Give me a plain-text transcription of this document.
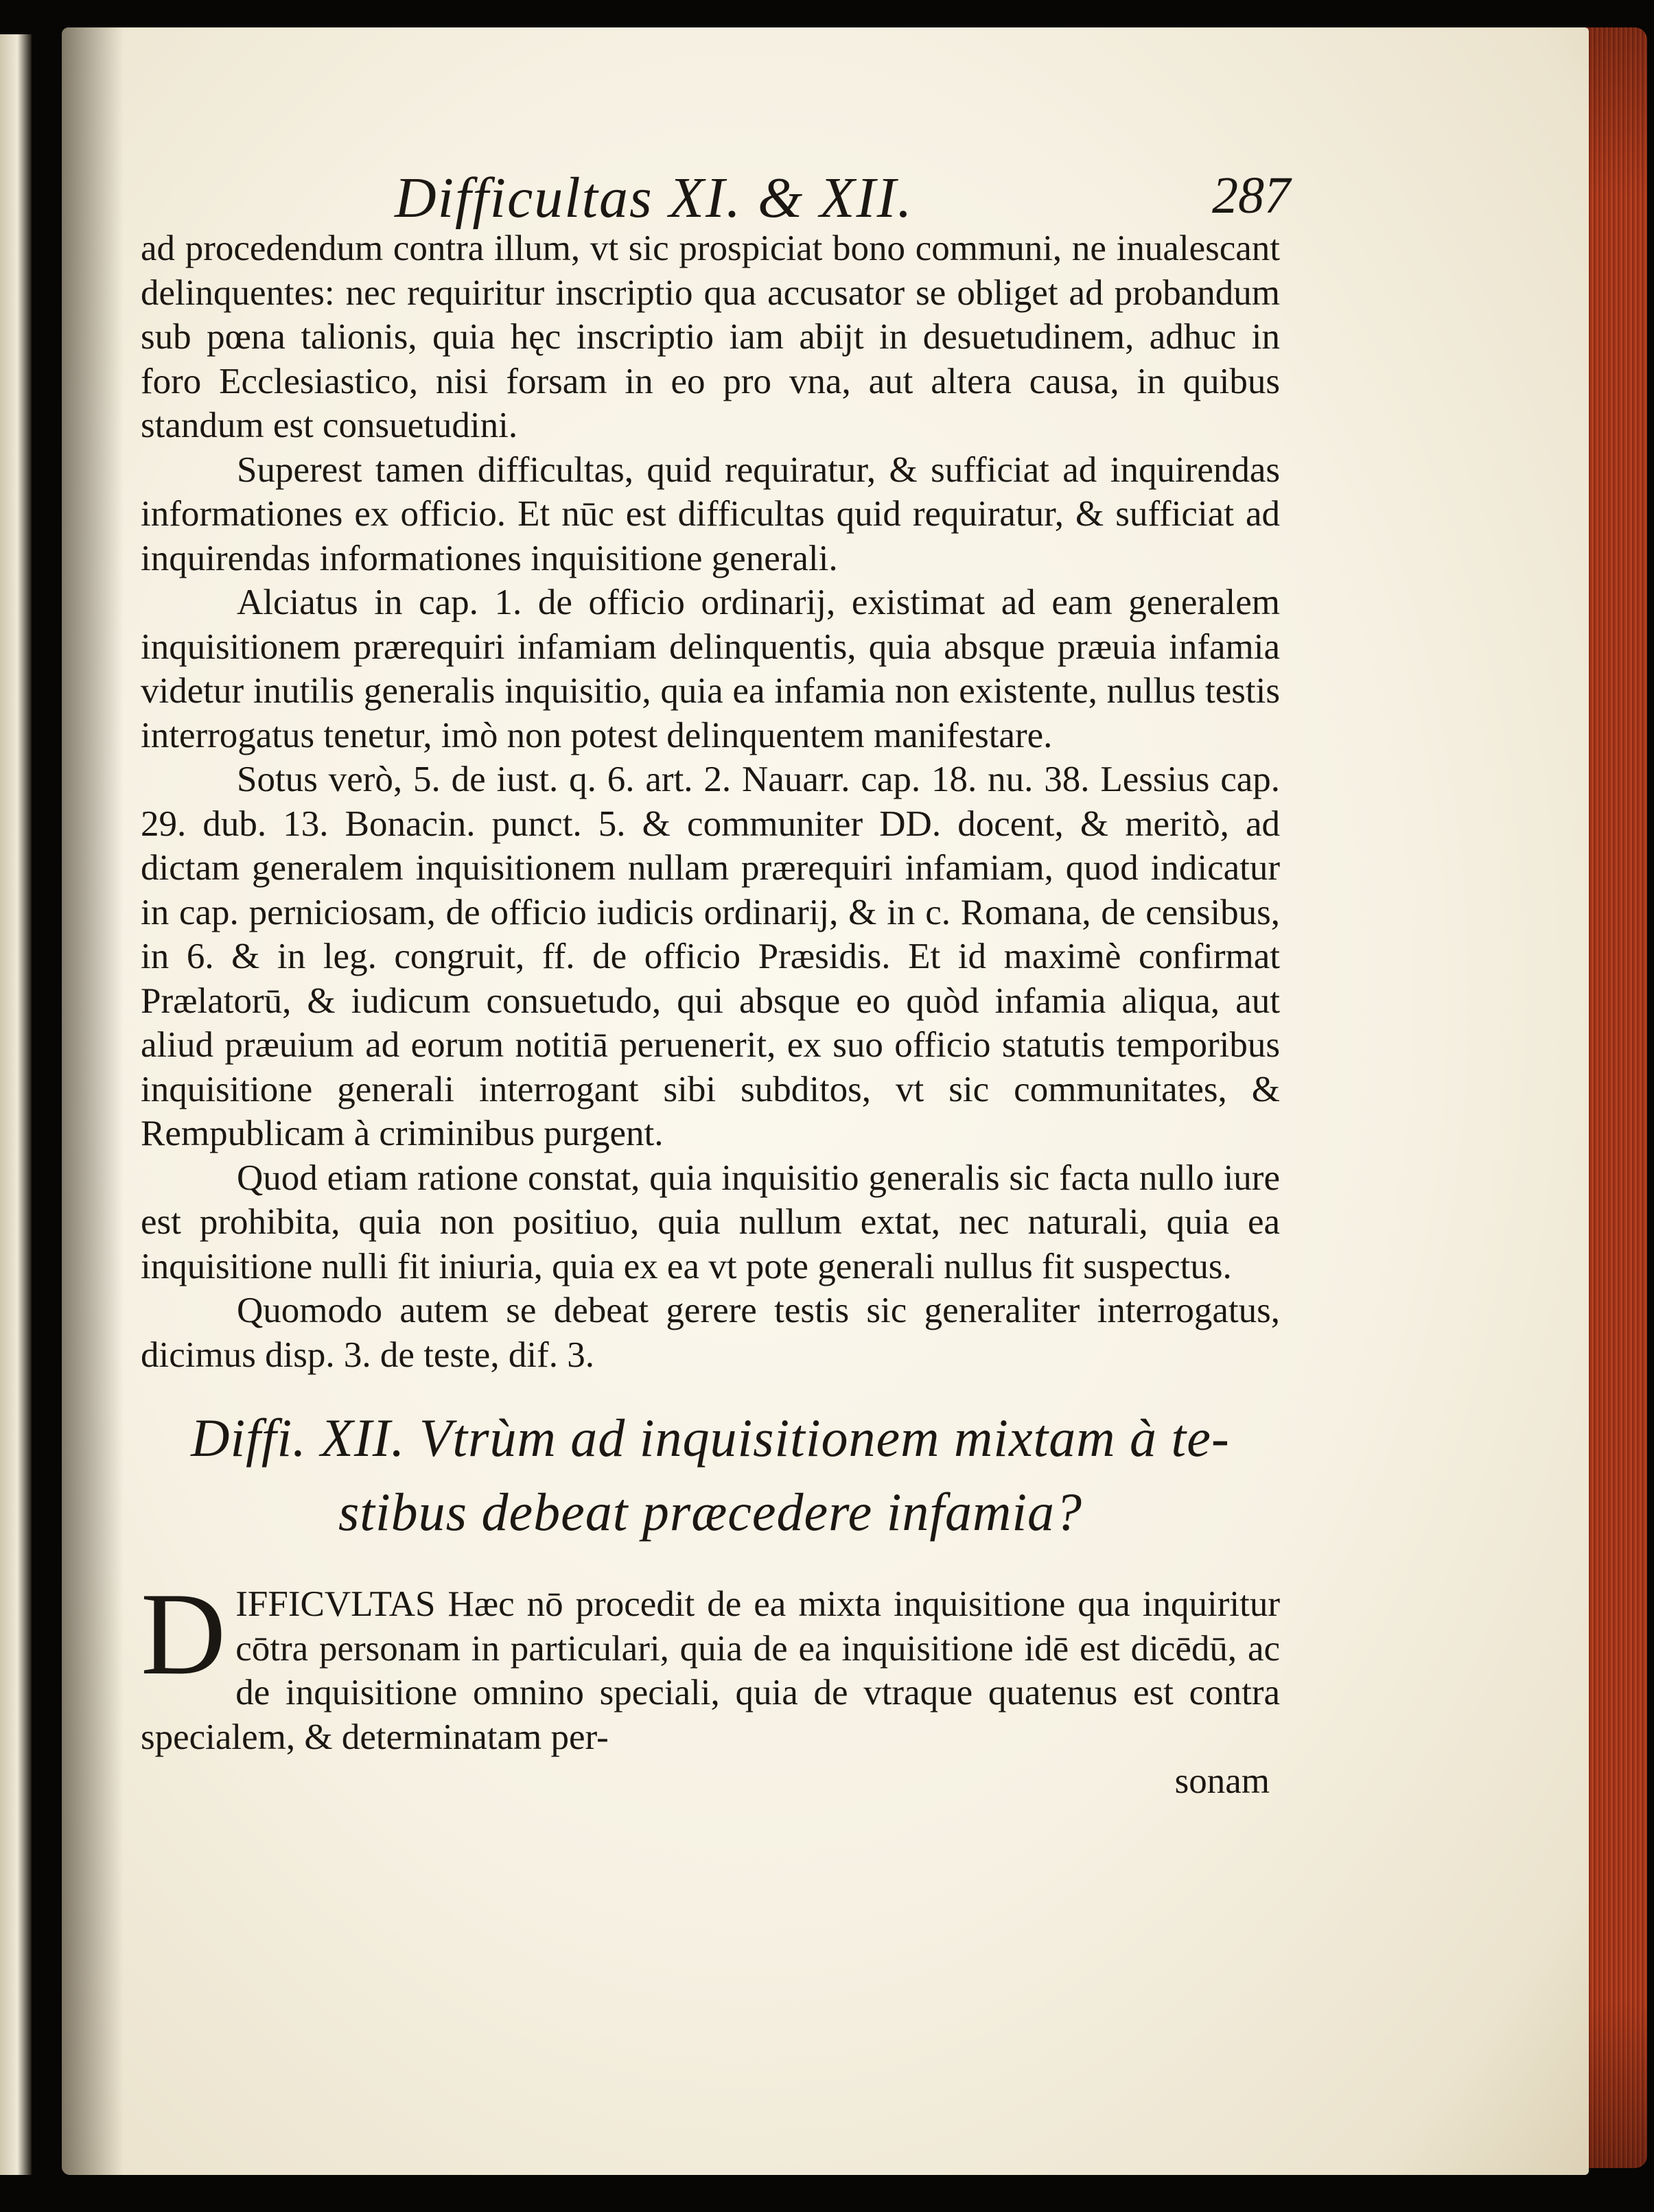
Difficultas XI. & XII.	287

ad procedendum contra illum, vt sic prospiciat bono communi, ne inualescant delinquentes: nec requiritur inscriptio qua accusator se obliget ad probandum sub pœna talionis, quia hęc inscriptio iam abijt in desuetudinem, adhuc in foro Ecclesiastico, nisi forsam in eo pro vna, aut altera causa, in quibus standum est consuetudini.

Superest tamen difficultas, quid requiratur, & sufficiat ad inquirendas informationes ex officio. Et nūc est difficultas quid requiratur, & sufficiat ad inquirendas informationes inquisitione generali.

Alciatus in cap. 1. de officio ordinarij, existimat ad eam generalem inquisitionem prærequiri infamiam delinquentis, quia absque præuia infamia videtur inutilis generalis inquisitio, quia ea infamia non existente, nullus testis interrogatus tenetur, imò non potest delinquentem manifestare.

Sotus verò, 5. de iust. q. 6. art. 2. Nauarr. cap. 18. nu. 38. Lessius cap. 29. dub. 13. Bonacin. punct. 5. & communiter DD. docent, & meritò, ad dictam generalem inquisitionem nullam prærequiri infamiam, quod indicatur in cap. perniciosam, de officio iudicis ordinarij, & in c. Romana, de censibus, in 6. & in leg. congruit, ff. de officio Præsidis. Et id maximè confirmat Prælatorū, & iudicum consuetudo, qui absque eo quòd infamia aliqua, aut aliud præuium ad eorum notitiā peruenerit, ex suo officio statutis temporibus inquisitione generali interrogant sibi subditos, vt sic communitates, & Rempublicam à criminibus purgent.

Quod etiam ratione constat, quia inquisitio generalis sic facta nullo iure est prohibita, quia non positiuo, quia nullum extat, nec naturali, quia ea inquisitione nulli fit iniuria, quia ex ea vt pote generali nullus fit suspectus.

Quomodo autem se debeat gerere testis sic generaliter interrogatus, dicimus disp. 3. de teste, dif. 3.

Diffi. XII. Vtrùm ad inquisitionem mixtam à te-
stibus debeat præcedere infamia?

DIFFICVLTAS Hæc nō procedit de ea mixta inquisitione qua inquiritur cōtra personam in particulari, quia de ea inquisitione idē est dicēdū, ac de inquisitione omnino speciali, quia de vtraque quatenus est contra specialem, & determinatam per-

sonam
